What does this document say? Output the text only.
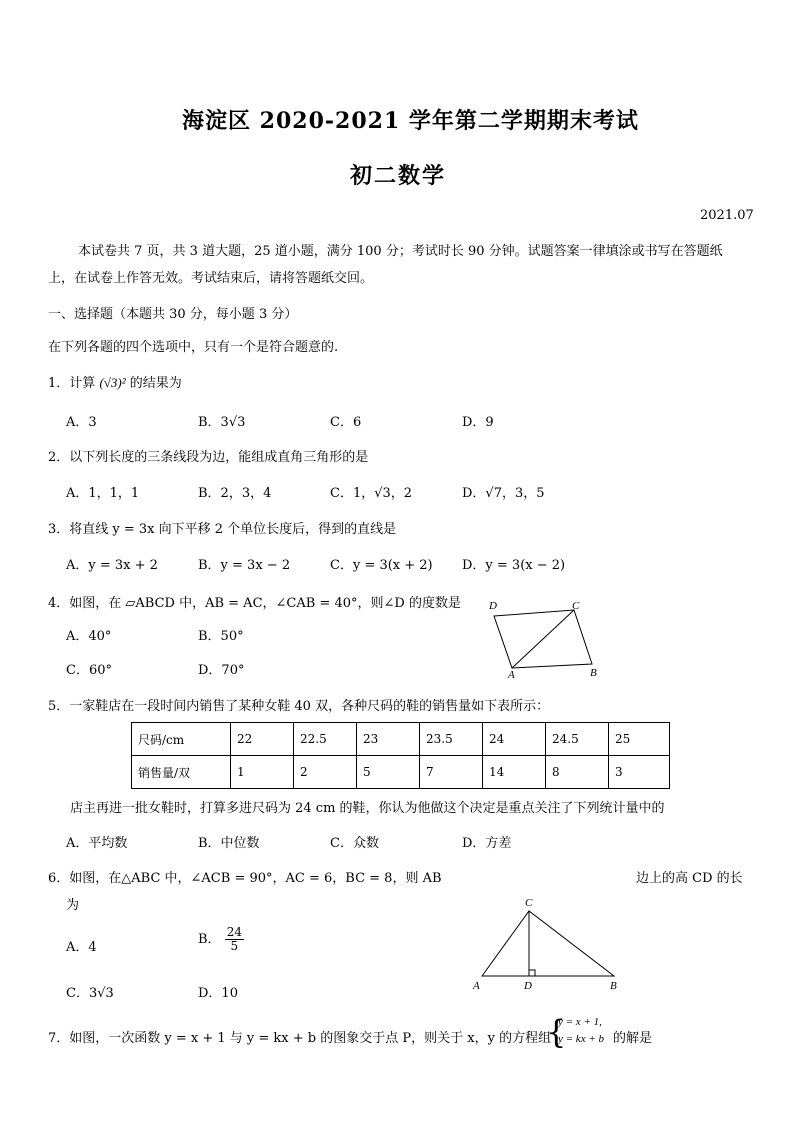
海淀区 2020-2021 学年第二学期期末考试
初二数学
2021.07
本试卷共 7 页，共 3 道大题，25 道小题，满分 100 分；考试时长 90 分钟。试题答案一律填涂或书写在答题纸
上，在试卷上作答无效。考试结束后，请将答题纸交回。
一、选择题（本题共 30 分，每小题 3 分）
在下列各题的四个选项中，只有一个是符合题意的.
1．计算 (√3)² 的结果为
A．3	B．3√3	C．6	D．9
2．以下列长度的三条线段为边，能组成直角三角形的是
A．1，1，1	B．2，3，4	C．1，√3，2	D．√7，3，5
3．将直线 y = 3x 向下平移 2 个单位长度后，得到的直线是
A．y = 3x + 2	B．y = 3x − 2	C．y = 3(x + 2) D．y = 3(x − 2)
4．如图，在 ▱ABCD 中，AB = AC，∠CAB = 40°，则∠D 的度数是
A．40°	B．50°
C．60°	D．70°
D	C
A	B
5．一家鞋店在一段时间内销售了某种女鞋 40 双，各种尺码的鞋的销售量如下表所示：
尺码/cm	22	22.5	23	23.5	24	24.5	25
销售量/双	1	2	5	7	14	8	3
店主再进一批女鞋时，打算多进尺码为 24 cm 的鞋，你认为他做这个决定是重点关注了下列统计量中的
A．平均数	B．中位数	C．众数	D．方差
6．如图，在△ABC 中，∠ACB = 90°，AC = 6，BC = 8，则 AB	边上的高 CD 的长
为
A．4
B． $\frac{24}{5}$
C．3√3	D．10
C
A	D	B
7．如图，一次函数 y = x + 1 与 y = kx + b 的图象交于点 P，则关于 x，y 的方程组
{
y = x + 1,
y = kx + b 的解是
